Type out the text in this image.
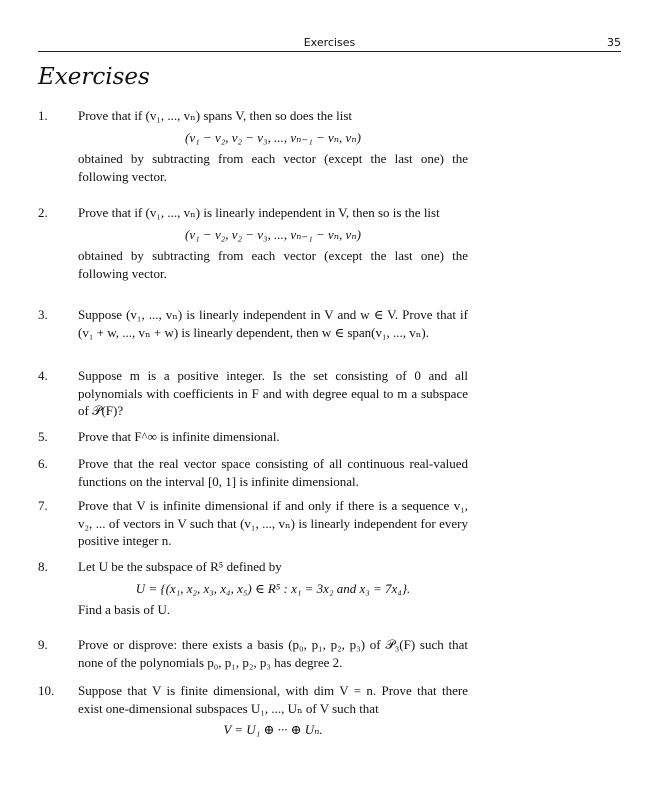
Exercises	35
Exercises
1. Prove that if (v₁, ..., vₙ) spans V, then so does the list
(v₁ − v₂, v₂ − v₃, ..., vₙ₋₁ − vₙ, vₙ)
obtained by subtracting from each vector (except the last one) the following vector.
2. Prove that if (v₁, ..., vₙ) is linearly independent in V, then so is the list
(v₁ − v₂, v₂ − v₃, ..., vₙ₋₁ − vₙ, vₙ)
obtained by subtracting from each vector (except the last one) the following vector.
3. Suppose (v₁, ..., vₙ) is linearly independent in V and w ∈ V. Prove that if (v₁ + w, ..., vₙ + w) is linearly dependent, then w ∈ span(v₁, ..., vₙ).
4. Suppose m is a positive integer. Is the set consisting of 0 and all polynomials with coefficients in F and with degree equal to m a subspace of 𝒫(F)?
5. Prove that F^∞ is infinite dimensional.
6. Prove that the real vector space consisting of all continuous real-valued functions on the interval [0, 1] is infinite dimensional.
7. Prove that V is infinite dimensional if and only if there is a sequence v₁, v₂, ... of vectors in V such that (v₁, ..., vₙ) is linearly independent for every positive integer n.
8. Let U be the subspace of R⁵ defined by
U = {(x₁, x₂, x₃, x₄, x₅) ∈ R⁵ : x₁ = 3x₂ and x₃ = 7x₄}.
Find a basis of U.
9. Prove or disprove: there exists a basis (p₀, p₁, p₂, p₃) of 𝒫₃(F) such that none of the polynomials p₀, p₁, p₂, p₃ has degree 2.
10. Suppose that V is finite dimensional, with dim V = n. Prove that there exist one-dimensional subspaces U₁, ..., Uₙ of V such that
V = U₁ ⊕ ··· ⊕ Uₙ.
